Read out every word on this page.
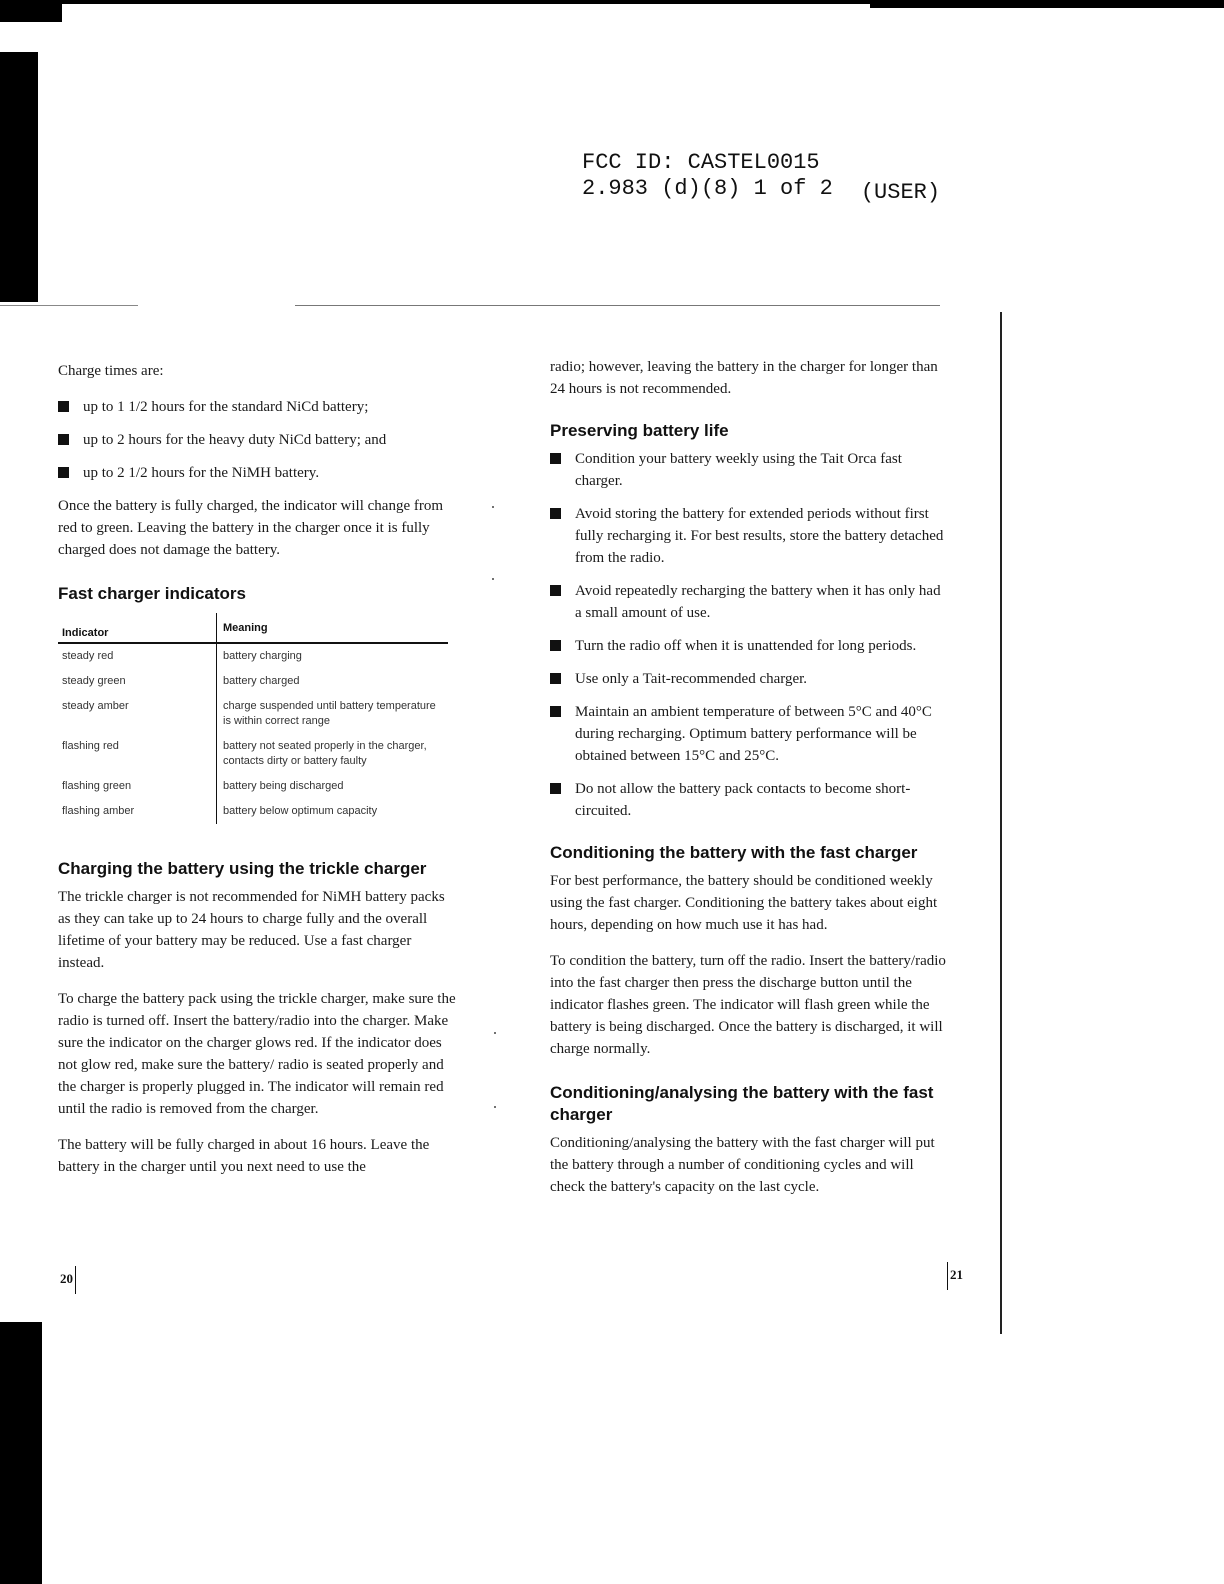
FCC ID: CASTEL0015
2.983 (d)(8) 1 of 2 (USER)

Charge times are:

up to 1 1/2 hours for the standard NiCd battery;
up to 2 hours for the heavy duty NiCd battery; and
up to 2 1/2 hours for the NiMH battery.

Once the battery is fully charged, the indicator will change from red to green. Leaving the battery in the charger once it is fully charged does not damage the battery.

Fast charger indicators
Indicator	Meaning
steady red	battery charging
steady green	battery charged
steady amber	charge suspended until battery temperature is within correct range
flashing red	battery not seated properly in the charger, contacts dirty or battery faulty
flashing green	battery being discharged
flashing amber	battery below optimum capacity
Charging the battery using the trickle charger

The trickle charger is not recommended for NiMH battery packs as they can take up to 24 hours to charge fully and the overall lifetime of your battery may be reduced. Use a fast charger instead.

To charge the battery pack using the trickle charger, make sure the radio is turned off. Insert the battery/radio into the charger. Make sure the indicator on the charger glows red. If the indicator does not glow red, make sure the battery/ radio is seated properly and the charger is properly plugged in. The indicator will remain red until the radio is removed from the charger.

The battery will be fully charged in about 16 hours. Leave the battery in the charger until you next need to use the

radio; however, leaving the battery in the charger for longer than 24 hours is not recommended.

Preserving battery life
Condition your battery weekly using the Tait Orca fast charger.
Avoid storing the battery for extended periods without first fully recharging it. For best results, store the battery detached from the radio.
Avoid repeatedly recharging the battery when it has only had a small amount of use.
Turn the radio off when it is unattended for long periods.
Use only a Tait-recommended charger.
Maintain an ambient temperature of between 5°C and 40°C during recharging. Optimum battery performance will be obtained between 15°C and 25°C.
Do not allow the battery pack contacts to become short-circuited.
Conditioning the battery with the fast charger

For best performance, the battery should be conditioned weekly using the fast charger. Conditioning the battery takes about eight hours, depending on how much use it has had.

To condition the battery, turn off the radio. Insert the battery/radio into the fast charger then press the discharge button until the indicator flashes green. The indicator will flash green while the battery is being discharged. Once the battery is discharged, it will charge normally.

Conditioning/analysing the battery with the fast charger

Conditioning/analysing the battery with the fast charger will put the battery through a number of conditioning cycles and will check the battery's capacity on the last cycle.

20	21
